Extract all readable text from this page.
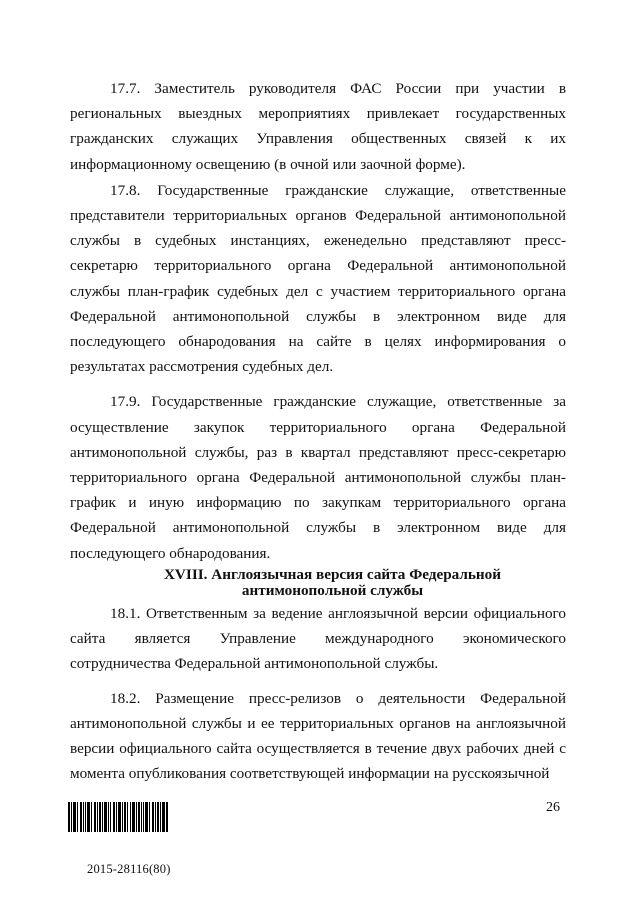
17.7. Заместитель руководителя ФАС России при участии в региональных выездных мероприятиях привлекает государственных гражданских служащих Управления общественных связей к их информационному освещению (в очной или заочной форме).

17.8. Государственные гражданские служащие, ответственные представители территориальных органов Федеральной антимонопольной службы в судебных инстанциях, еженедельно представляют пресс-секретарю территориального органа Федеральной антимонопольной службы план-график судебных дел с участием территориального органа Федеральной антимонопольной службы в электронном виде для последующего обнародования на сайте в целях информирования о результатах рассмотрения судебных дел.

17.9. Государственные гражданские служащие, ответственные за осуществление закупок территориального органа Федеральной антимонопольной службы, раз в квартал представляют пресс-секретарю территориального органа Федеральной антимонопольной службы план-график и иную информацию по закупкам территориального органа Федеральной антимонопольной службы в электронном виде для последующего обнародования.

XVIII. Англоязычная версия сайта Федеральной антимонопольной службы

18.1. Ответственным за ведение англоязычной версии официального сайта является Управление международного экономического сотрудничества Федеральной антимонопольной службы.

18.2. Размещение пресс-релизов о деятельности Федеральной антимонопольной службы и ее территориальных органов на англоязычной версии официального сайта осуществляется в течение двух рабочих дней с момента опубликования соответствующей информации на русскоязычной

26
2015-28116(80)
